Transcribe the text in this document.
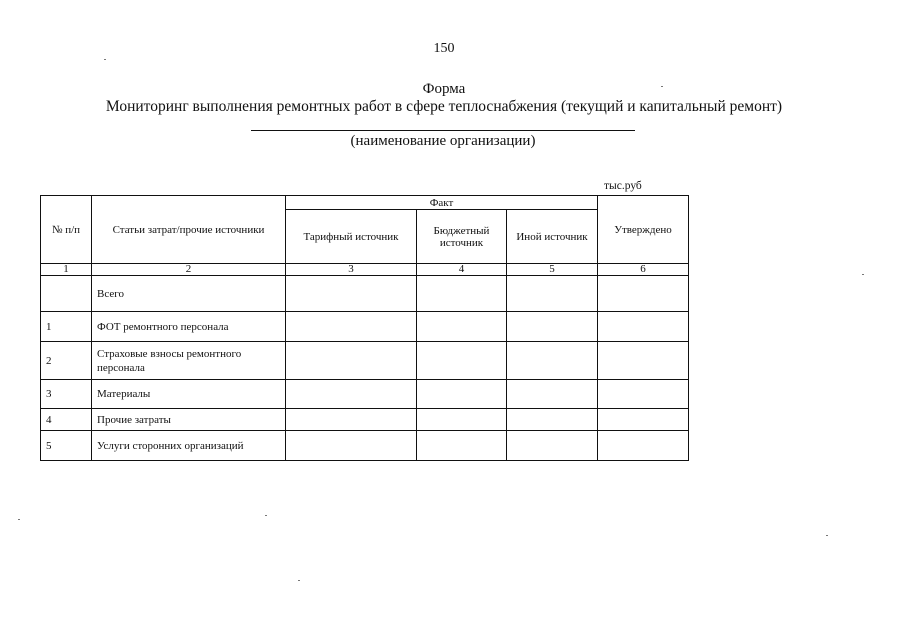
150
Форма
Мониторинг выполнения ремонтных работ в сфере теплоснабжения (текущий и капитальный ремонт)
(наименование организации)
тыс.руб
№ п/п	Статьи затрат/прочие источники	Факт			Утверждено
		Тарифный источник	Бюджетный источник	Иной источник	
1	2	3	4	5	6
	Всего				
1	ФОТ ремонтного персонала				
2	Страховые взносы ремонтного персонала				
3	Материалы				
4	Прочие затраты				
5	Услуги сторонних организаций				
